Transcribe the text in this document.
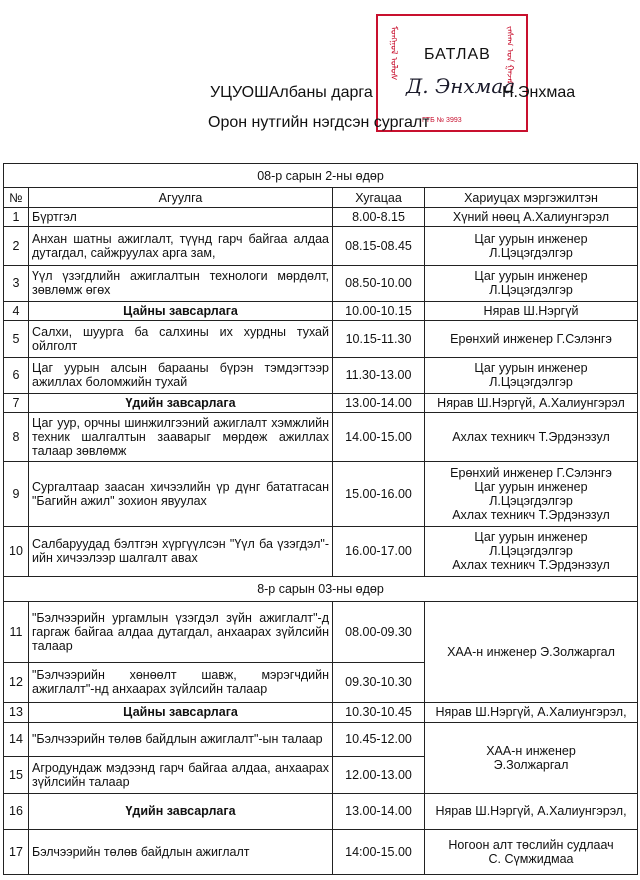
ᠮᠤᠩᠭᠤᠯ ᠤᠯᠤᠰ	ᠵᠠᠰᠠᠭ ᠤᠨ ᠭᠠᠵᠠᠷ
ГТБ № 3993
БАТЛАВ
УЦУОШАлбаны дарга Д. Энхмаа
Н.Энхмаа
Орон нутгийн нэгдсэн сургалт
08-р сарын 2-ны өдөр			
№	Агуулга	Хугацаа	Хариуцах мэргэжилтэн
1	Бүртгэл	8.00-8.15	Хүний нөөц А.Халиунгэрэл
2	Анхан шатны ажиглалт, түүнд гарч байгаа алдаа дутагдал, сайжруулах арга зам,	08.15-08.45	Цаг уурын инженер
Л.Цэцэгдэлгэр
3	Үүл үзэгдлийн ажиглалтын технологи мөрдөлт, зөвлөмж өгөх	08.50-10.00	Цаг уурын инженер
Л.Цэцэгдэлгэр
4	Цайны завсарлага	10.00-10.15	Нярав Ш.Нэргүй
5	Салхи, шуурга ба салхины их хурдны тухай ойлголт	10.15-11.30	Ерөнхий инженер Г.Сэлэнгэ
6	Цаг уурын алсын барааны бүрэн тэмдэгтээр ажиллах боломжийн тухай	11.30-13.00	Цаг уурын инженер
Л.Цэцэгдэлгэр
7	Үдийн завсарлага	13.00-14.00	Нярав Ш.Нэргүй, А.Халиунгэрэл
8	Цаг уур, орчны шинжилгээний ажиглалт хэмжлийн техник шалгалтын зааварыг мөрдөж ажиллах талаар зөвлөмж	14.00-15.00	Ахлах техникч Т.Эрдэнэзул
9	Сургалтаар заасан хичээлийн үр дүнг бататгасан "Багийн ажил" зохион явуулах	15.00-16.00	Ерөнхий инженер Г.Сэлэнгэ
Цаг уурын инженер
Л.Цэцэгдэлгэр
Ахлах техникч Т.Эрдэнэзул
10	Салбаруудад бэлтгэн хүргүүлсэн "Үүл ба үзэгдэл"-ийн хичээлээр шалгалт авах	16.00-17.00	Цаг уурын инженер
Л.Цэцэгдэлгэр
Ахлах техникч Т.Эрдэнэзул
8-р сарын 03-ны өдөр			
11	"Бэлчээрийн ургамлын үзэгдэл зүйн ажиглалт"-д гаргаж байгаа алдаа дутагдал, анхаарах зүйлсийн талаар	08.00-09.30	ХАА-н инженер Э.Золжаргал
12	"Бэлчээрийн хөнөөлт шавж, мэрэгчдийн ажиглалт"-нд анхаарах зүйлсийн талаар	09.30-10.30	
13	Цайны завсарлага	10.30-10.45	Нярав Ш.Нэргүй, А.Халиунгэрэл,
14	"Бэлчээрийн төлөв байдлын ажиглалт"-ын талаар	10.45-12.00	ХАА-н инженер
Э.Золжаргал
15	Агродундаж мэдээнд гарч байгаа алдаа, анхаарах зүйлсийн талаар	12.00-13.00	
16	Үдийн завсарлага	13.00-14.00	Нярав Ш.Нэргүй, А.Халиунгэрэл,
17	Бэлчээрийн төлөв байдлын ажиглалт	14:00-15.00	Ногоон алт төслийн судлаач
С. Сүмжидмаа
